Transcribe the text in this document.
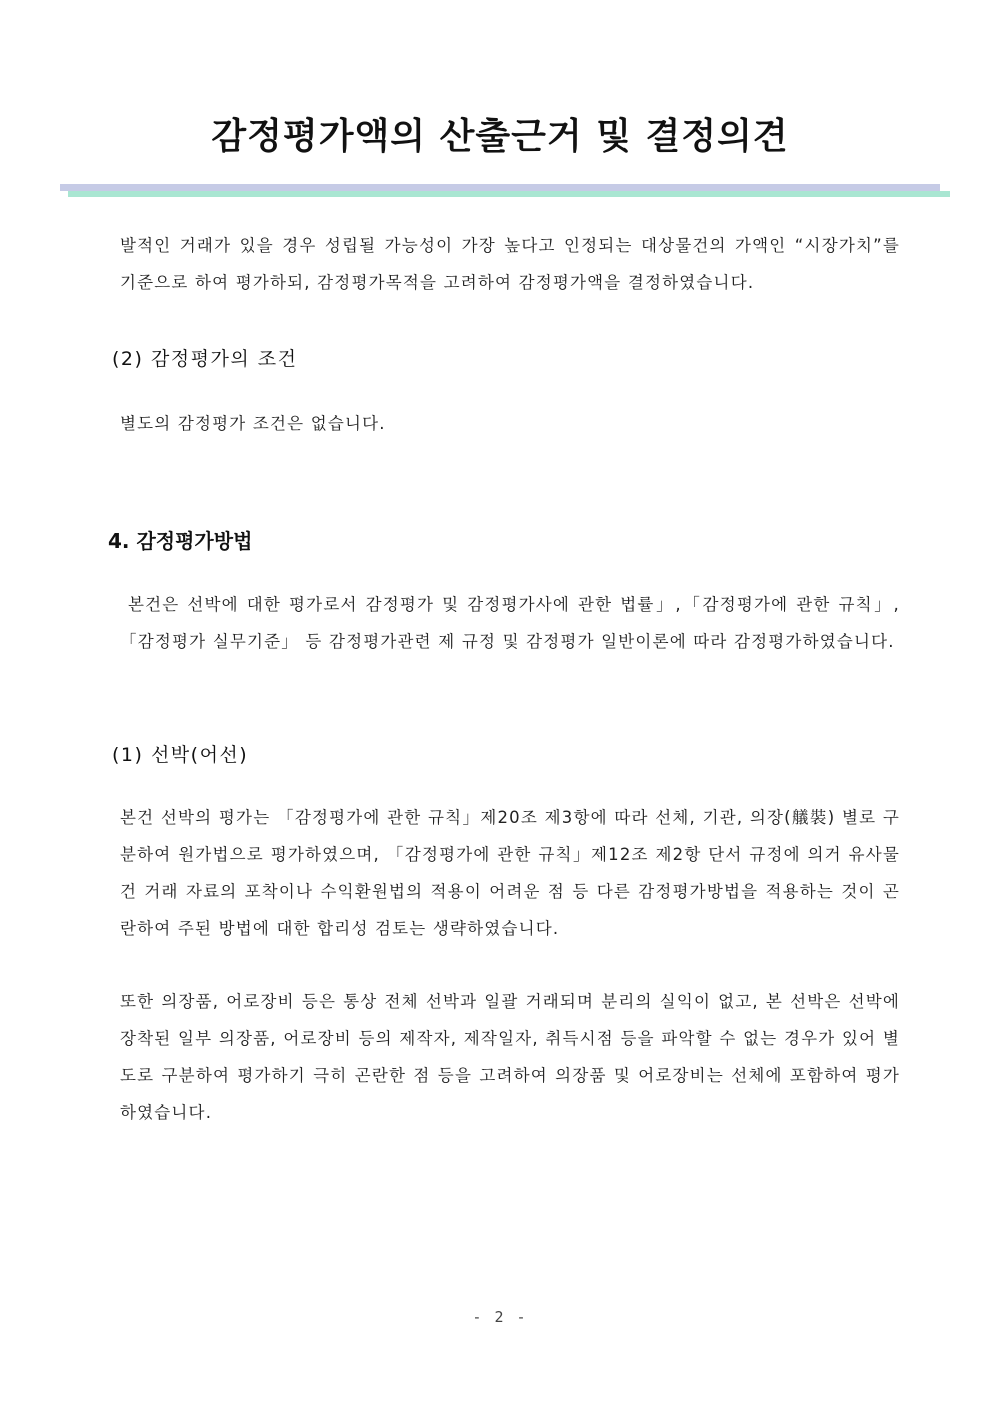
감정평가액의 산출근거 및 결정의견
발적인 거래가 있을 경우 성립될 가능성이 가장 높다고 인정되는 대상물건의 가액인 “시장가치”를 기준으로 하여 평가하되, 감정평가목적을 고려하여 감정평가액을 결정하였습니다.
(2) 감정평가의 조건
별도의 감정평가 조건은 없습니다.
4. 감정평가방법
본건은 선박에 대한 평가로서 감정평가 및 감정평가사에 관한 법률」,「감정평가에 관한 규칙」,「감정평가 실무기준」 등 감정평가관련 제 규정 및 감정평가 일반이론에 따라 감정평가하였습니다.
(1) 선박(어선)
본건 선박의 평가는 「감정평가에 관한 규칙」제20조 제3항에 따라 선체, 기관, 의장(艤裝) 별로 구분하여 원가법으로 평가하였으며, 「감정평가에 관한 규칙」제12조 제2항 단서 규정에 의거 유사물건 거래 자료의 포착이나 수익환원법의 적용이 어려운 점 등 다른 감정평가방법을 적용하는 것이 곤란하여 주된 방법에 대한 합리성 검토는 생략하였습니다.
또한 의장품, 어로장비 등은 통상 전체 선박과 일괄 거래되며 분리의 실익이 없고, 본 선박은 선박에 장착된 일부 의장품, 어로장비 등의 제작자, 제작일자, 취득시점 등을 파악할 수 없는 경우가 있어 별도로 구분하여 평가하기 극히 곤란한 점 등을 고려하여 의장품 및 어로장비는 선체에 포함하여 평가하였습니다.
- 2 -
